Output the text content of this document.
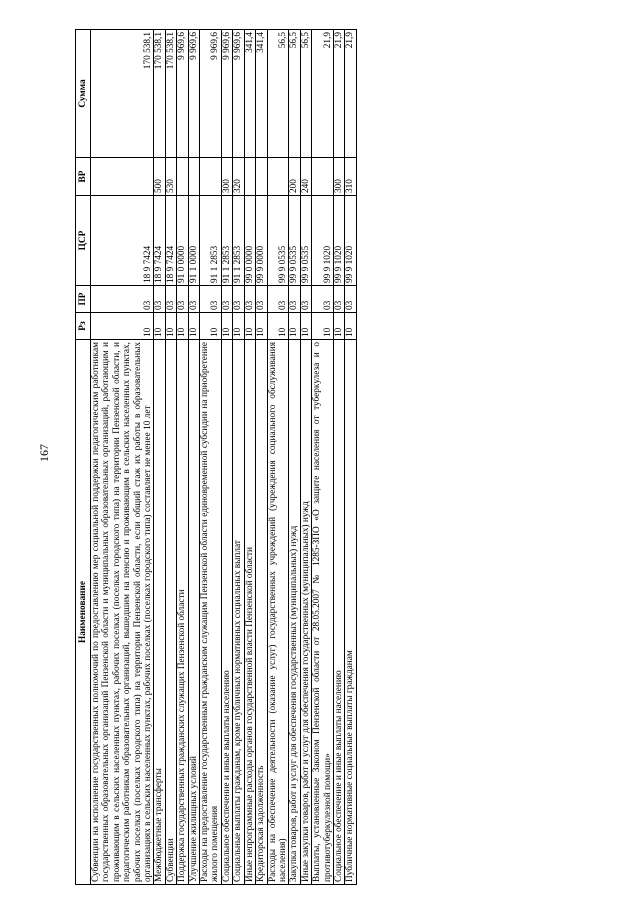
167
Наименование	Рз	ПР	ЦСР	ВР	Сумма
Субвенции на исполнение государственных полномочий по предоставлению мер социальной поддержки педагогическим работникам государственных образовательных организаций Пензенской области и муниципальных образовательных организаций, работающим и проживающим в сельских населенных пунктах, рабочих поселках (поселках городского типа) на территории Пензенской области, и педагогическим работникам образовательных организаций, вышедшим на пенсию и проживающим в сельских населенных пунктах, рабочих поселках (поселках городского типа) на территории Пензенской области, если общий стаж их работы в образовательных организациях в сельских населенных пунктах, рабочих поселках (поселках городского типа) составляет не менее 10 лет	10	03	18 9 7424		170 538,1
Межбюджетные трансферты	10	03	18 9 7424	500	170 538,1
Субвенции	10	03	18 9 7424	530	170 538,1
Поддержка государственных гражданских служащих Пензенской области	10	03	91 0 0000		9 969,6
Улучшение жилищных условий	10	03	91 1 0000		9 969,6
Расходы на предоставление государственным гражданским служащим Пензенской области единовременной субсидии на приобретение жилого помещения	10	03	91 1 2853		9 969,6
Социальное обеспечение и иные выплаты населению	10	03	91 1 2853	300	9 969,6
Социальные выплаты гражданам, кроме публичных нормативных социальных выплат	10	03	91 1 2853	320	9 969,6
Иные непрограммные расходы органов государственной власти Пензенской области	10	03	99 0 0000		341,4
Кредиторская задолженность	10	03	99 9 0000		341,4
Расходы на обеспечение деятельности (оказание услуг) государственных учреждений (учреждения социального обслуживания населения)	10	03	99 9 0535		56,5
Закупка товаров, работ и услуг для обеспечения государственных (муниципальных) нужд	10	03	99 9 0535	200	56,5
Иные закупки товаров, работ и услуг для обеспечения государственных (муниципальных) нужд	10	03	99 9 0535	240	56,5
Выплаты, установленные Законом Пензенской области от 28.05.2007 № 1285-ЗПО «О защите населения от туберкулеза и о противотуберкулезной помощи»	10	03	99 9 1020		21,9
Социальное обеспечение и иные выплаты населению	10	03	99 9 1020	300	21,9
Публичные нормативные социальные выплаты гражданам	10	03	99 9 1020	310	21,9
